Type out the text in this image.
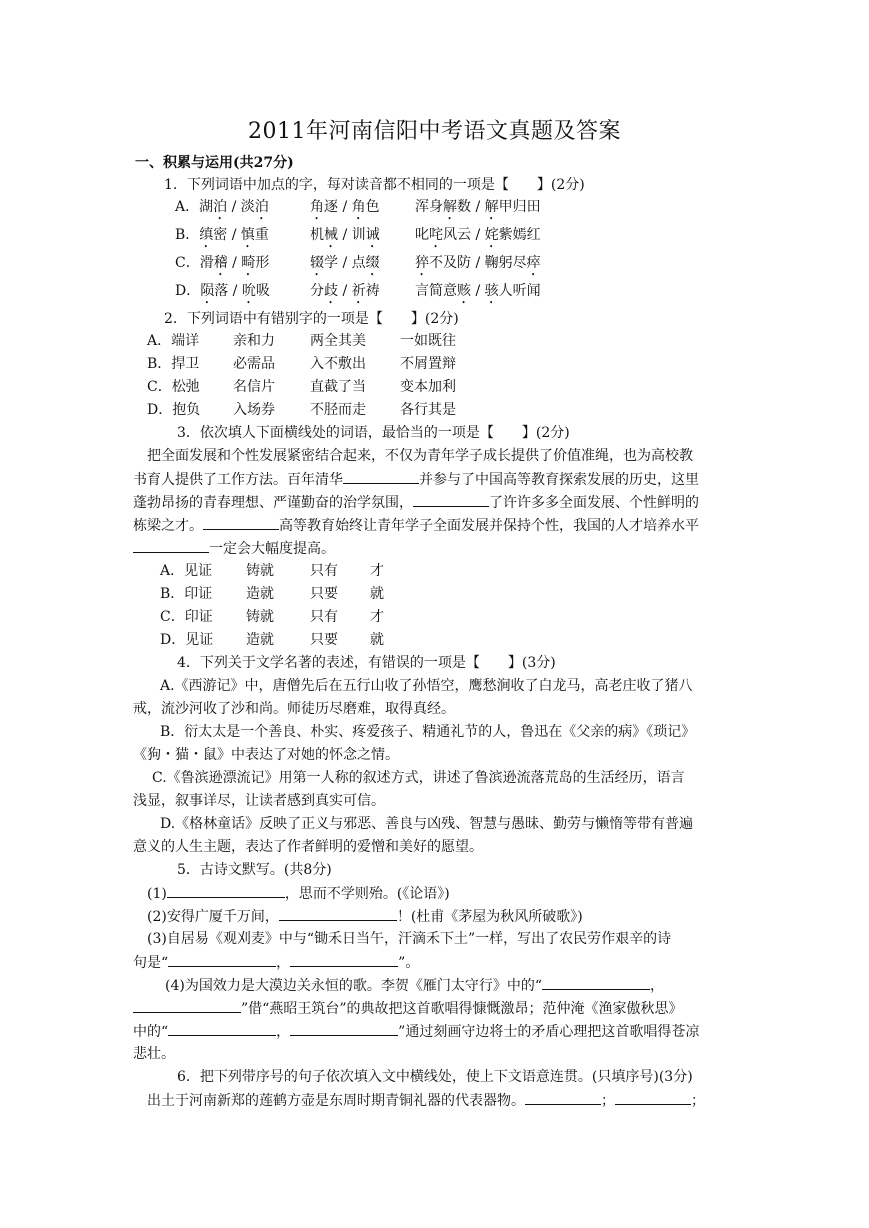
2011年河南信阳中考语文真题及答案
一、积累与运用(共27分)
1．下列词语中加点的字，每对读音都不相同的一项是【　　】(2分)
A．湖泊 / 淡泊	角逐 / 角色	浑身解数 / 解甲归田
B．缜密 / 慎重	机械 / 训诫	叱咤风云 / 姹紫嫣红
C．滑稽 / 畸形	辍学 / 点缀	猝不及防 / 鞠躬尽瘁
D．陨落 / 吮吸	分歧 / 祈祷	言简意赅 / 骇人听闻
2．下列词语中有错别字的一项是【　　】(2分)
A．端详 亲和力	两全其美 一如既往
B．捍卫 必需品	入不敷出 不屑置辩
C．松弛 名信片	直截了当 变本加利
D．抱负 入场券	不胫而走 各行其是
3．依次填人下面横线处的词语，最恰当的一项是【　　】(2分)
把全面发展和个性发展紧密结合起来，不仅为青年学子成长提供了价值准绳，也为高校教
书育人提供了工作方法。百年清华	并参与了中国高等教育探索发展的历史，这里
蓬勃昂扬的青春理想、严谨勤奋的治学氛围，	了许许多多全面发展、个性鲜明的
栋梁之才。	高等教育始终让青年学子全面发展并保持个性，我国的人才培养水平
一定会大幅度提高。
A．见证 铸就	只有 才
B．印证 造就	只要 就
C．印证 铸就	只有 才
D．见证 造就	只要 就
4．下列关于文学名著的表述，有错误的一项是【　　】(3分)
A.《西游记》中，唐僧先后在五行山收了孙悟空，鹰愁涧收了白龙马，高老庄收了猪八
戒，流沙河收了沙和尚。师徒历尽磨难，取得真经。
B．衍太太是一个善良、朴实、疼爱孩子、精通礼节的人，鲁迅在《父亲的病》《琐记》
《狗・猫・鼠》中表达了对她的怀念之情。
C.《鲁滨逊漂流记》用第一人称的叙述方式，讲述了鲁滨逊流落荒岛的生活经历，语言
浅显，叙事详尽，让读者感到真实可信。
D.《格林童话》反映了正义与邪恶、善良与凶残、智慧与愚昧、勤劳与懒惰等带有普遍
意义的人生主题，表达了作者鲜明的爱憎和美好的愿望。
5．古诗文默写。(共8分)
(1)	，思而不学则殆。(《论语》)
(2)安得广厦千万间，	！(杜甫《茅屋为秋风所破歌》)
(3)自居易《观刈麦》中与“锄禾日当午，汗滴禾下土”一样，写出了农民劳作艰辛的诗
句是“	，	”。
(4)为国效力是大漠边关永恒的歌。李贺《雁门太守行》中的“	，
”借“燕昭王筑台”的典故把这首歌唱得慷慨激昂；范仲淹《渔家傲秋思》
中的“	，	”通过刻画守边将士的矛盾心理把这首歌唱得苍凉
悲壮。
6．把下列带序号的句子依次填入文中横线处，使上下文语意连贯。(只填序号)(3分)
出土于河南新郑的莲鹤方壶是东周时期青铜礼器的代表器物。	；	；
